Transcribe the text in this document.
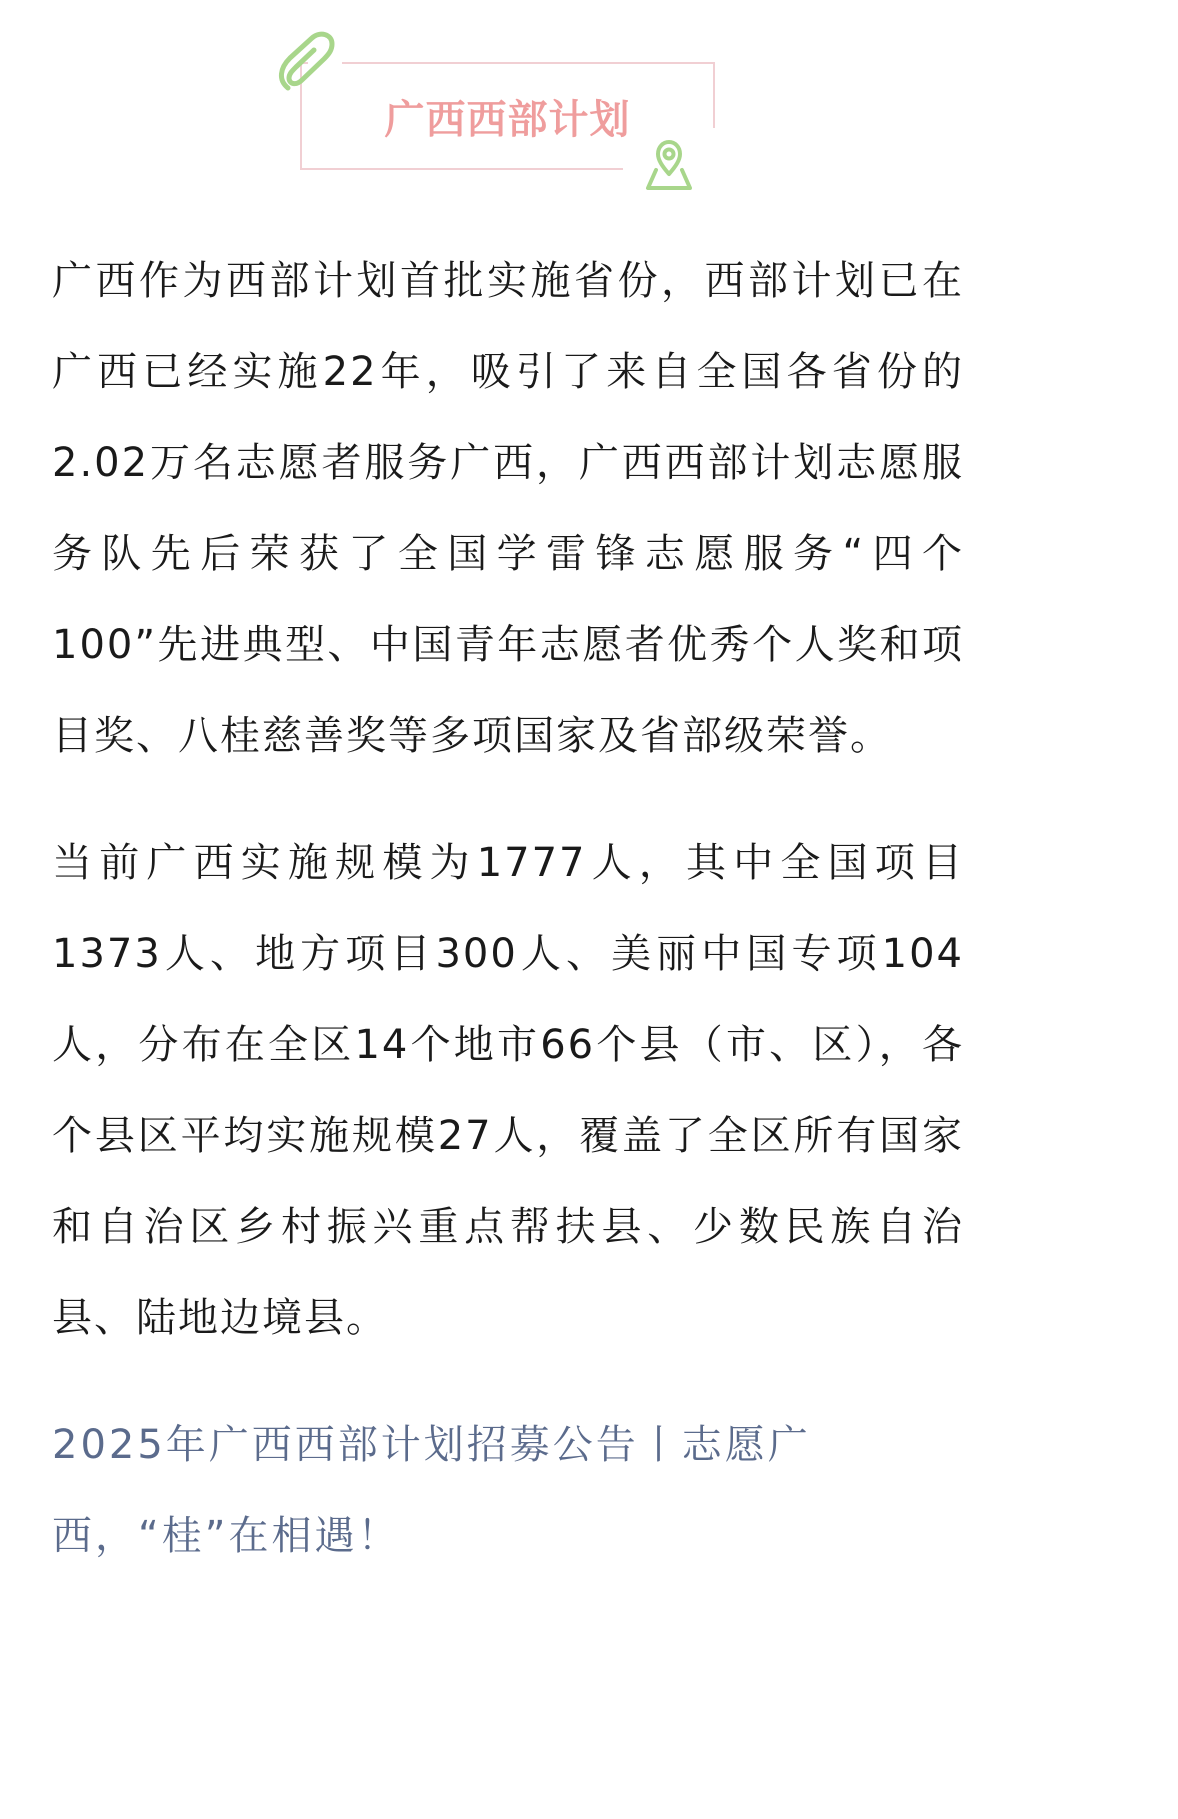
广西西部计划

广西作为西部计划首批实施省份，西部计划已在广西已经实施22年，吸引了来自全国各省份的2.02万名志愿者服务广西，广西西部计划志愿服务队先后荣获了全国学雷锋志愿服务“四个100”先进典型、中国青年志愿者优秀个人奖和项目奖、八桂慈善奖等多项国家及省部级荣誉。

当前广西实施规模为1777人，其中全国项目1373人、地方项目300人、美丽中国专项104人，分布在全区14个地市66个县（市、区），各个县区平均实施规模27人，覆盖了全区所有国家和自治区乡村振兴重点帮扶县、少数民族自治县、陆地边境县。

2025年广西西部计划招募公告丨志愿广西，“桂”在相遇！
